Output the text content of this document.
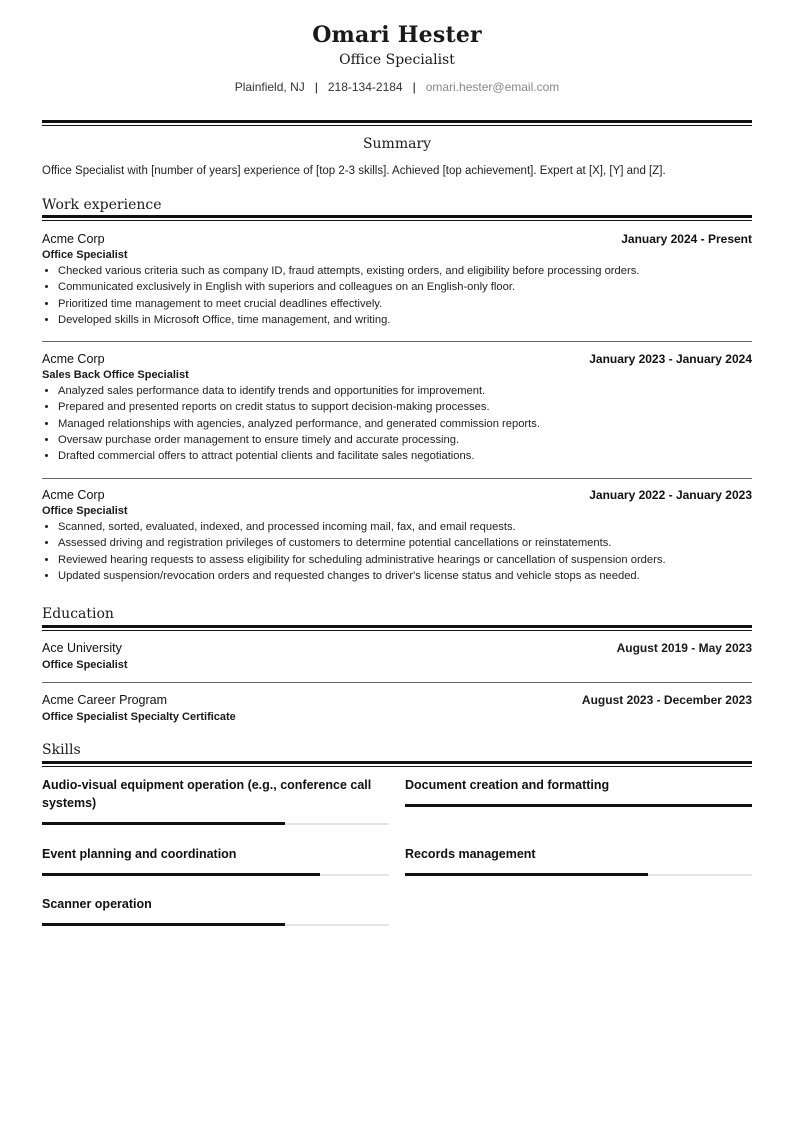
Omari Hester
Office Specialist
Plainfield, NJ | 218-134-2184 | omari.hester@email.com
Summary
Office Specialist with [number of years] experience of [top 2-3 skills]. Achieved [top achievement]. Expert at [X], [Y] and [Z].
Work experience
Acme Corp	January 2024 - Present
Office Specialist
• Checked various criteria such as company ID, fraud attempts, existing orders, and eligibility before processing orders.
• Communicated exclusively in English with superiors and colleagues on an English-only floor.
• Prioritized time management to meet crucial deadlines effectively.
• Developed skills in Microsoft Office, time management, and writing.
Acme Corp	January 2023 - January 2024
Sales Back Office Specialist
• Analyzed sales performance data to identify trends and opportunities for improvement.
• Prepared and presented reports on credit status to support decision-making processes.
• Managed relationships with agencies, analyzed performance, and generated commission reports.
• Oversaw purchase order management to ensure timely and accurate processing.
• Drafted commercial offers to attract potential clients and facilitate sales negotiations.
Acme Corp	January 2022 - January 2023
Office Specialist
• Scanned, sorted, evaluated, indexed, and processed incoming mail, fax, and email requests.
• Assessed driving and registration privileges of customers to determine potential cancellations or reinstatements.
• Reviewed hearing requests to assess eligibility for scheduling administrative hearings or cancellation of suspension orders.
• Updated suspension/revocation orders and requested changes to driver's license status and vehicle stops as needed.
Education
Ace University	August 2019 - May 2023
Office Specialist
Acme Career Program	August 2023 - December 2023
Office Specialist Specialty Certificate
Skills
Audio-visual equipment operation (e.g., conference call systems)
Document creation and formatting
Event planning and coordination	Records management
Scanner operation
